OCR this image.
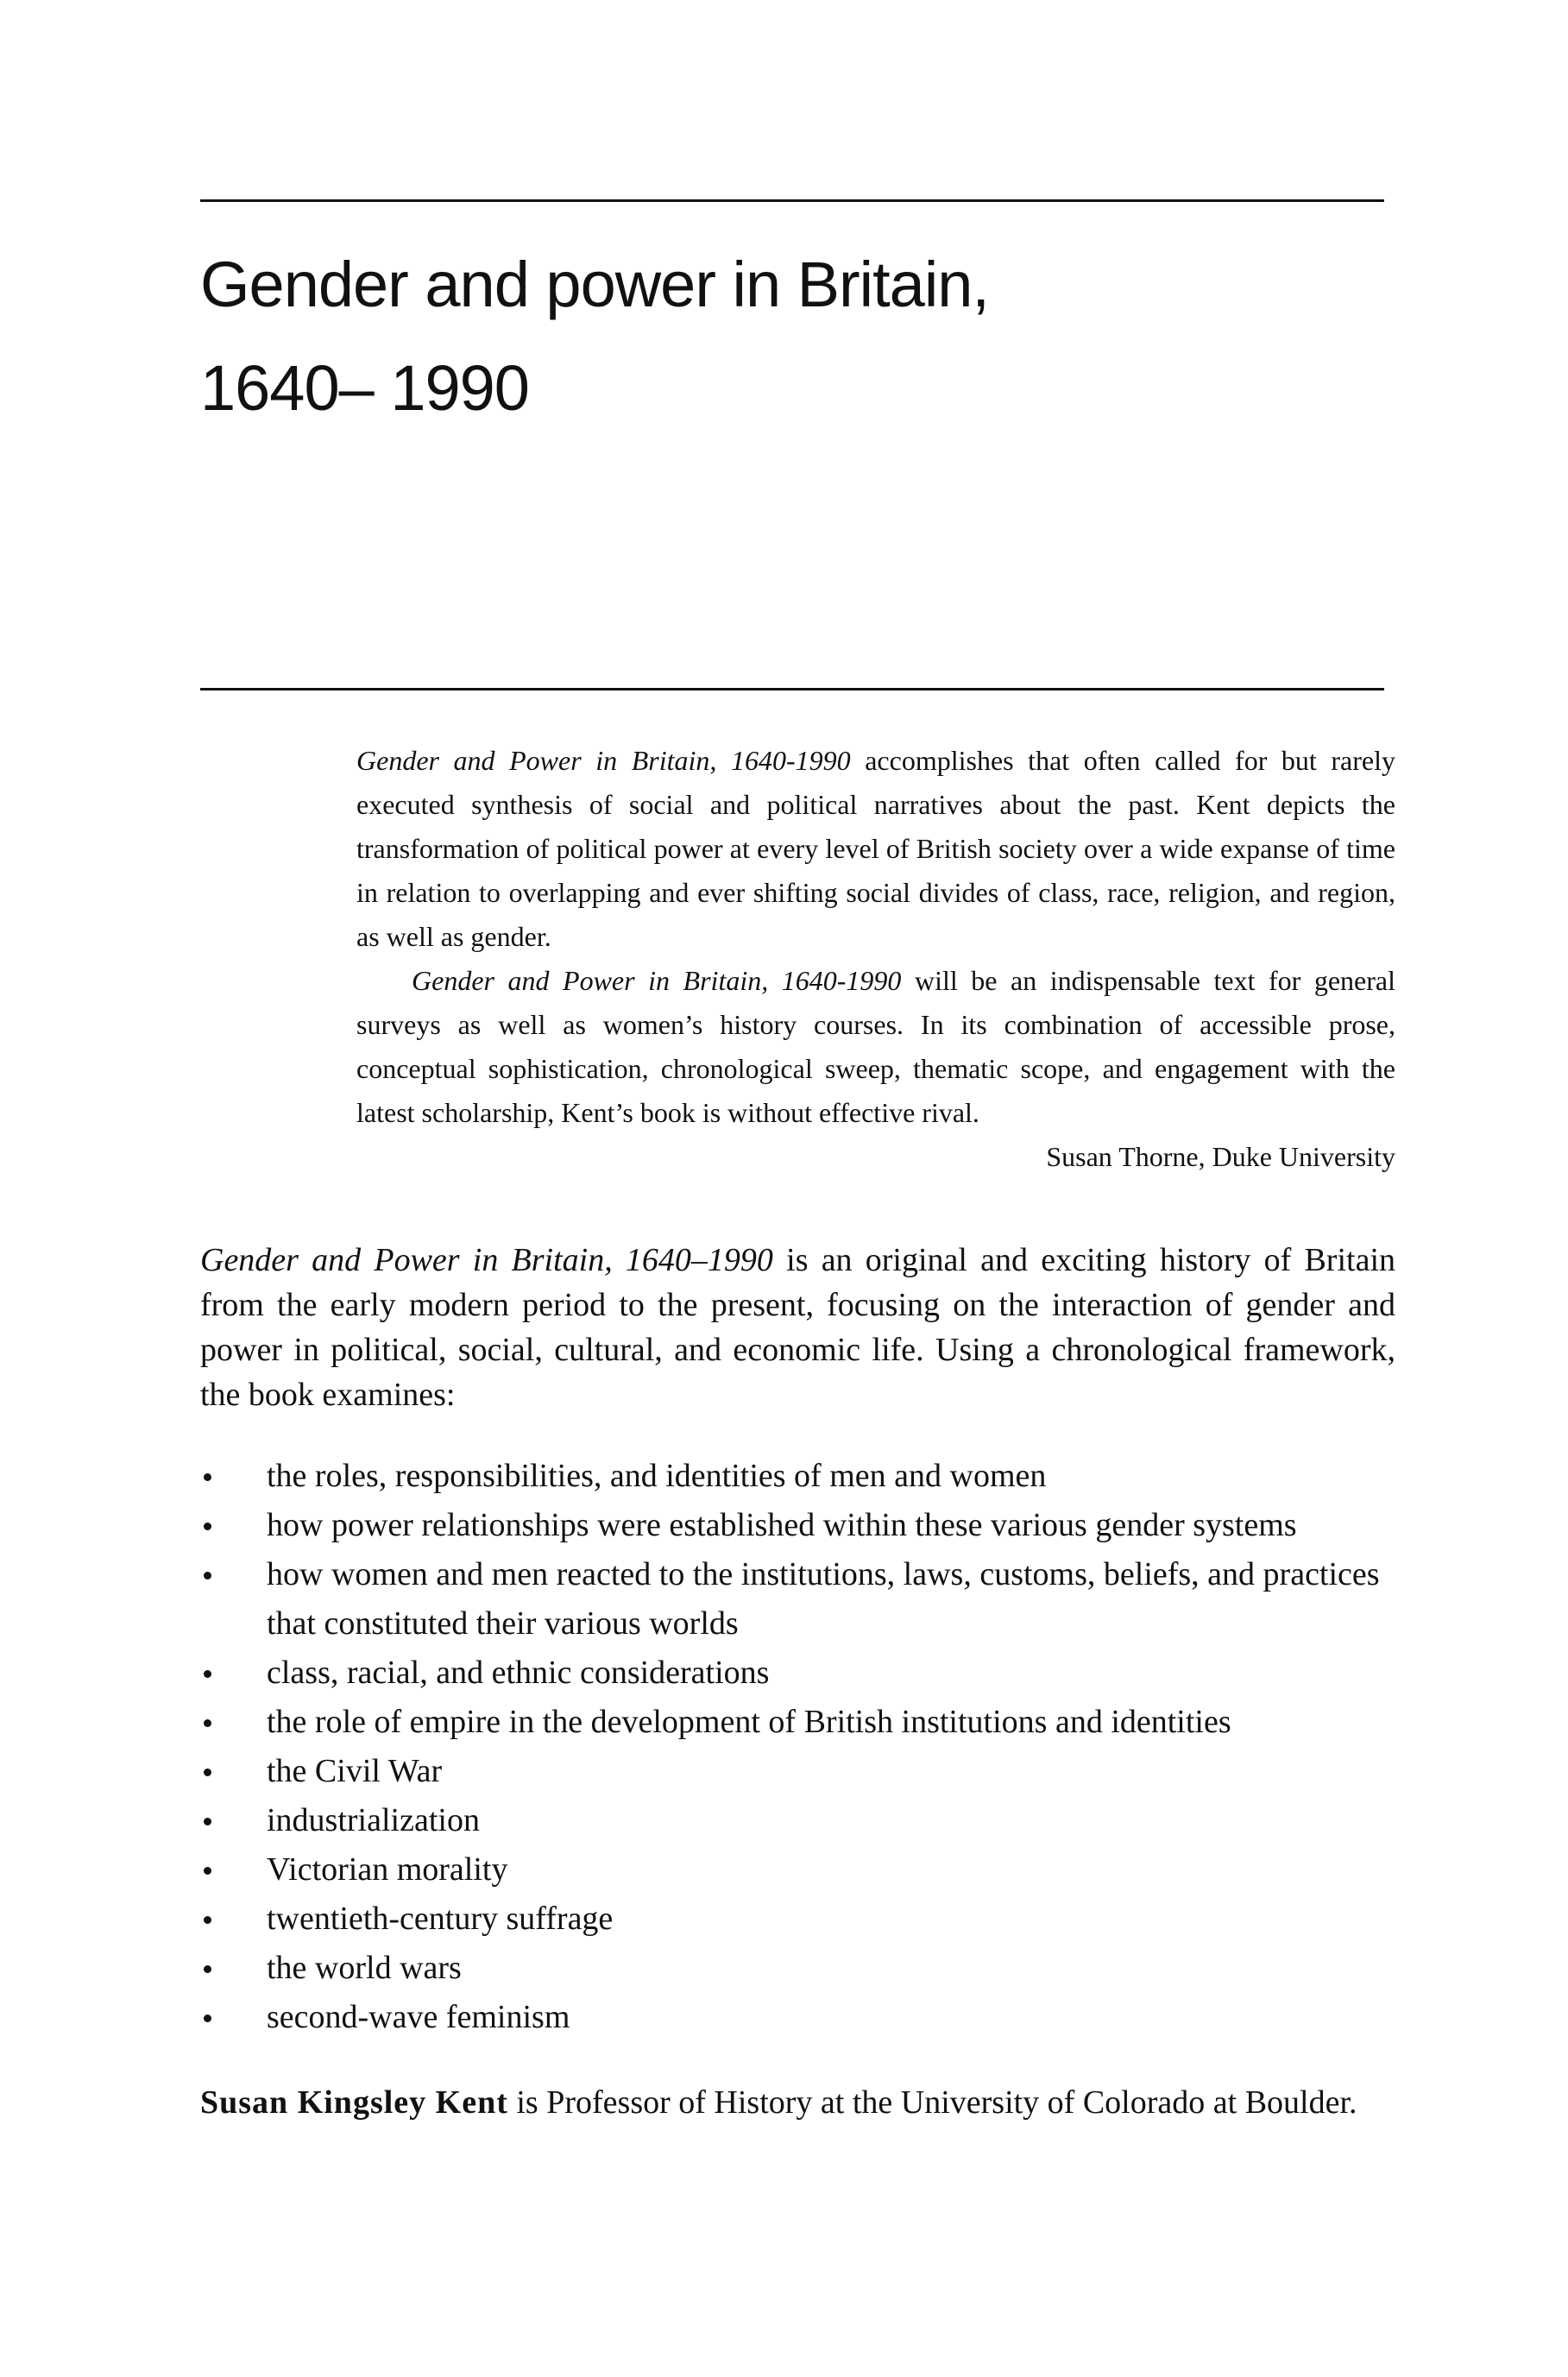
Gender and power in Britain,
1640– 1990

Gender and Power in Britain, 1640-1990 accomplishes that often called for but rarely executed synthesis of social and political narratives about the past. Kent depicts the transformation of political power at every level of British society over a wide expanse of time in relation to overlapping and ever shifting social divides of class, race, religion, and region, as well as gender.

Gender and Power in Britain, 1640-1990 will be an indispensable text for general surveys as well as women’s history courses. In its combination of accessible prose, conceptual sophistication, chronological sweep, thematic scope, and engagement with the latest scholarship, Kent’s book is without effective rival.

Susan Thorne, Duke University

Gender and Power in Britain, 1640–1990 is an original and exciting history of Britain from the early modern period to the present, focusing on the interaction of gender and power in political, social, cultural, and economic life. Using a chronological framework, the book examines:

the roles, responsibilities, and identities of men and women
how power relationships were established within these various gender systems
how women and men reacted to the institutions, laws, customs, beliefs, and practices that constituted their various worlds
class, racial, and ethnic considerations
the role of empire in the development of British institutions and identities
the Civil War
industrialization
Victorian morality
twentieth-century suffrage
the world wars
second-wave feminism

Susan Kingsley Kent is Professor of History at the University of Colorado at Boulder.
